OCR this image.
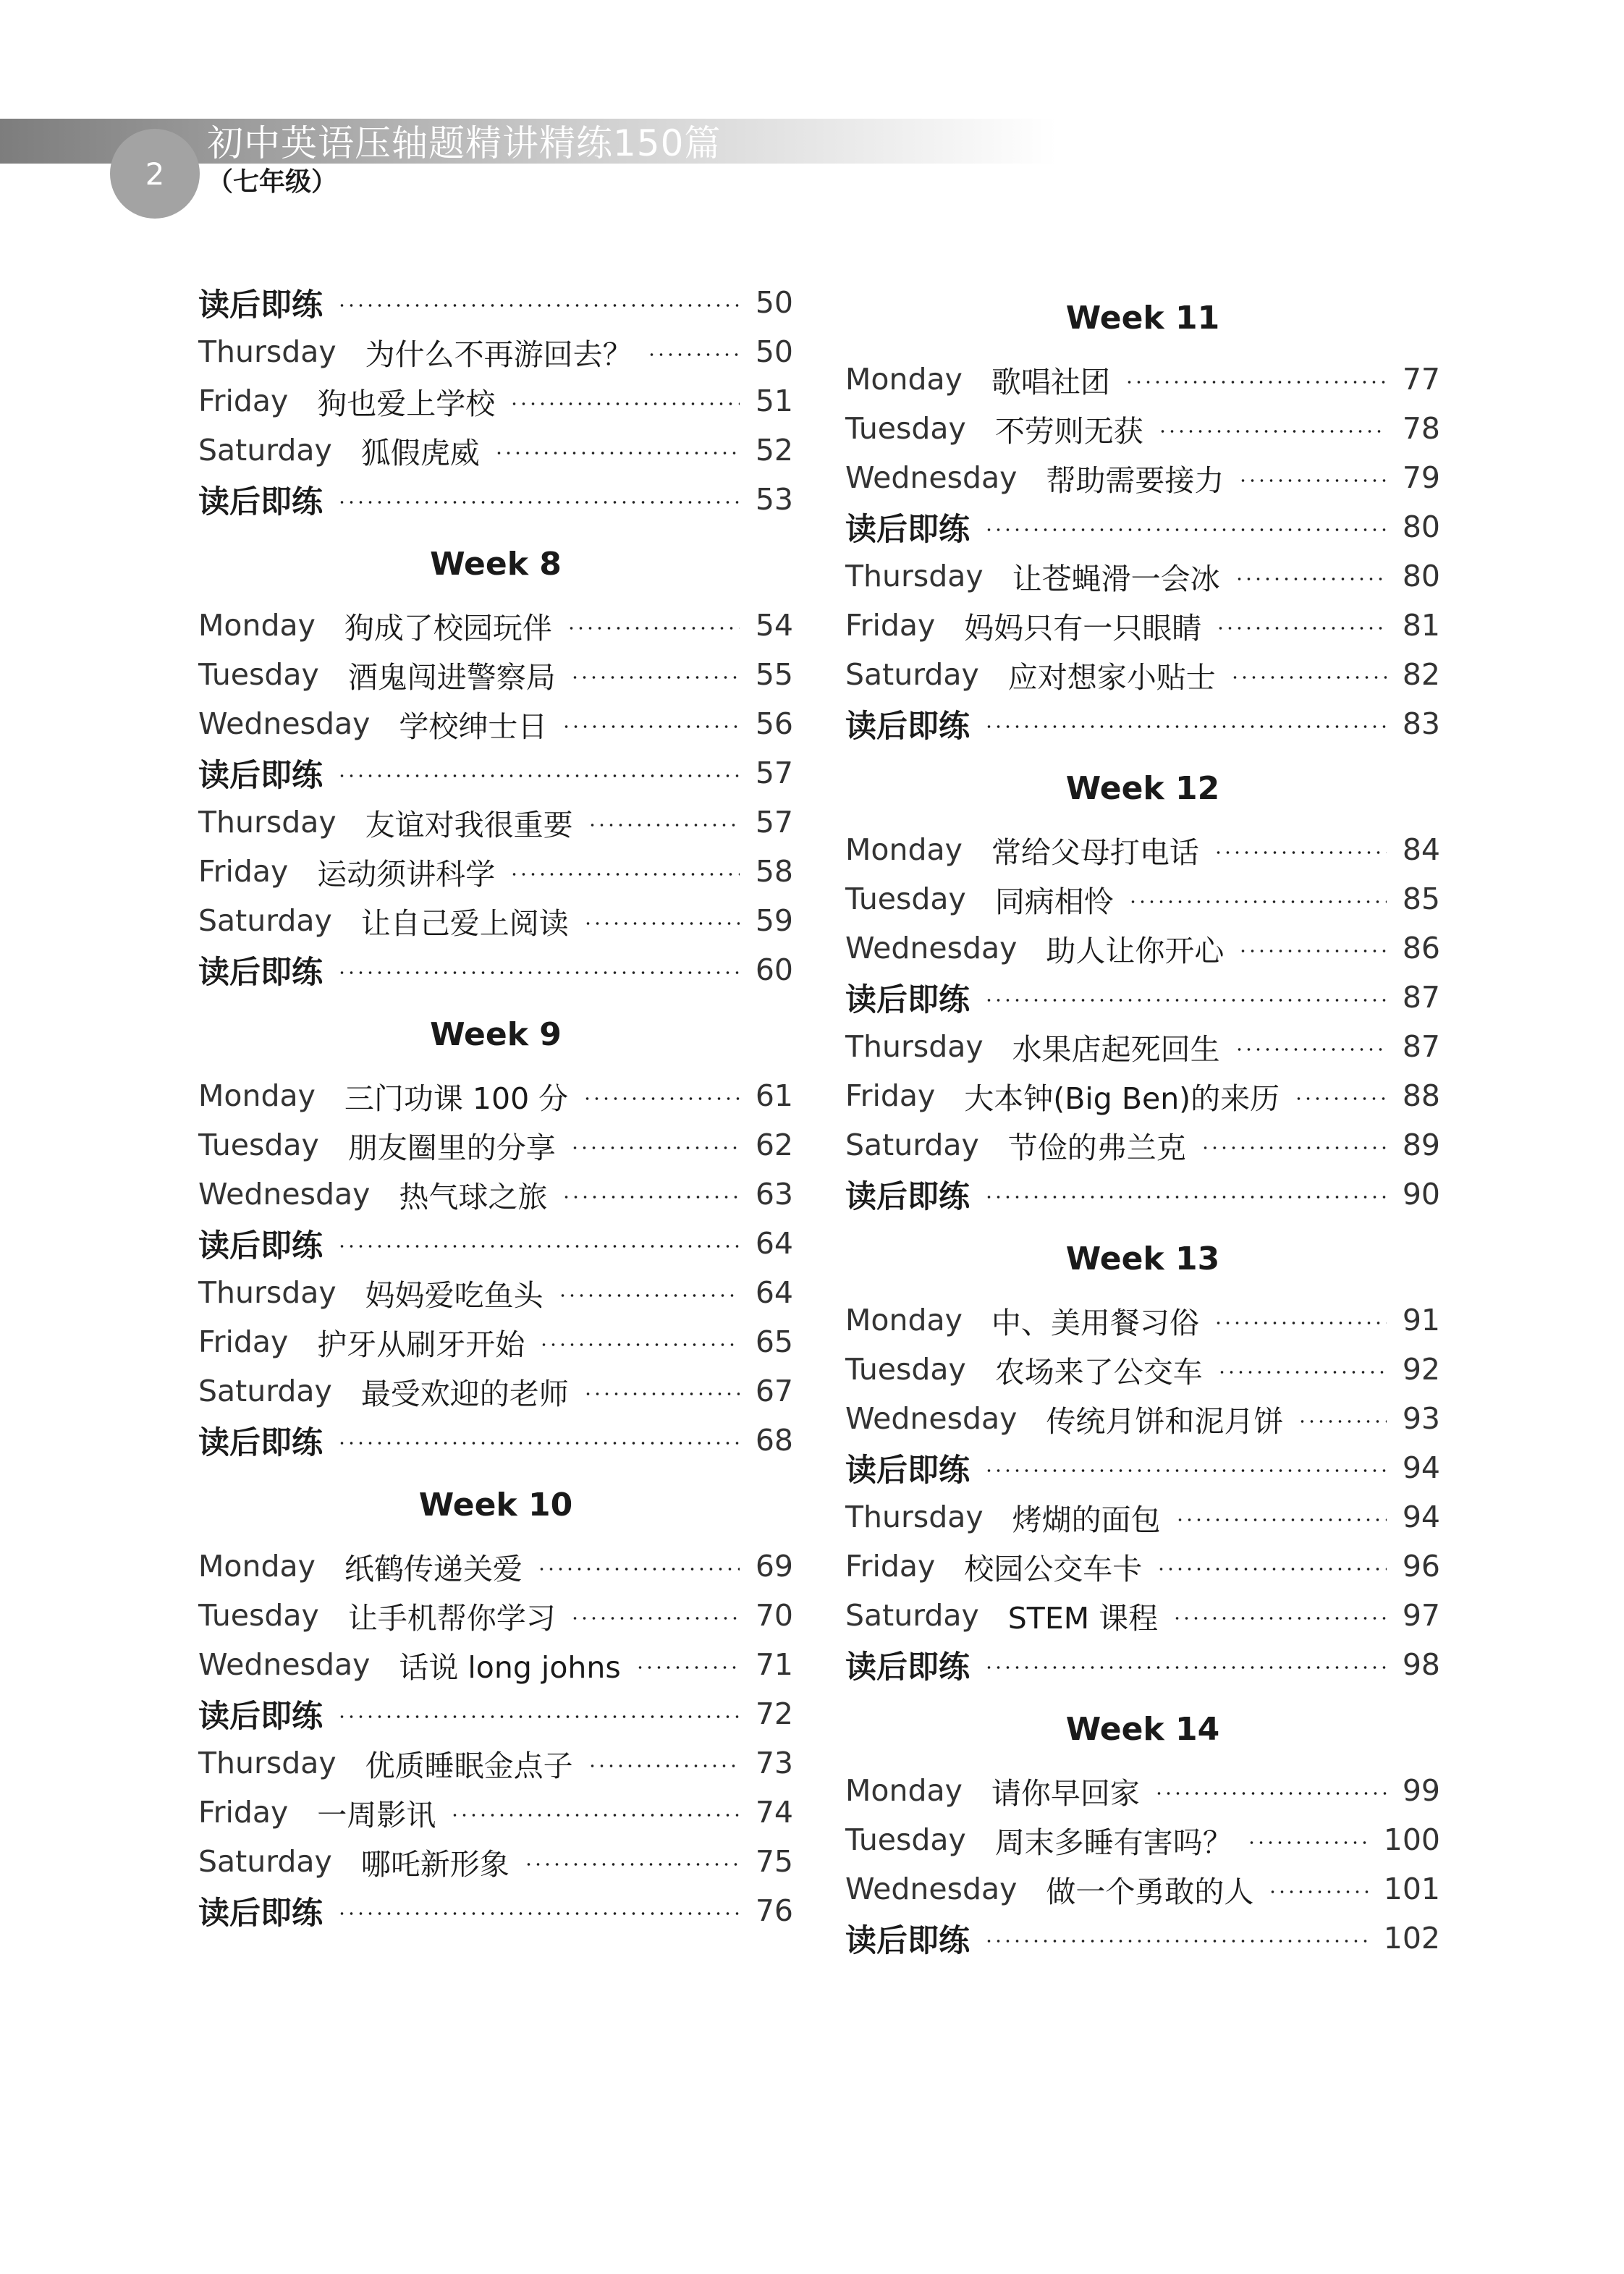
2
初中英语压轴题精讲精练150篇
（七年级）
读后即练	50
Thursday 为什么不再游回去？	50
Friday 狗也爱上学校	51
Saturday 狐假虎威	52
读后即练	53
Week 8
Monday 狗成了校园玩伴	54
Tuesday 酒鬼闯进警察局	55
Wednesday 学校绅士日	56
读后即练	57
Thursday 友谊对我很重要	57
Friday 运动须讲科学	58
Saturday 让自己爱上阅读	59
读后即练	60
Week 9
Monday 三门功课 100 分	61
Tuesday 朋友圈里的分享	62
Wednesday 热气球之旅	63
读后即练	64
Thursday 妈妈爱吃鱼头	64
Friday 护牙从刷牙开始	65
Saturday 最受欢迎的老师	67
读后即练	68
Week 10
Monday 纸鹤传递关爱	69
Tuesday 让手机帮你学习	70
Wednesday 话说 long johns	71
读后即练	72
Thursday 优质睡眠金点子	73
Friday 一周影讯	74
Saturday 哪吒新形象	75
读后即练	76
Week 11
Monday 歌唱社团	77
Tuesday 不劳则无获	78
Wednesday 帮助需要接力	79
读后即练	80
Thursday 让苍蝇滑一会冰	80
Friday 妈妈只有一只眼睛	81
Saturday 应对想家小贴士	82
读后即练	83
Week 12
Monday 常给父母打电话	84
Tuesday 同病相怜	85
Wednesday 助人让你开心	86
读后即练	87
Thursday 水果店起死回生	87
Friday 大本钟(Big Ben)的来历	88
Saturday 节俭的弗兰克	89
读后即练	90
Week 13
Monday 中、美用餐习俗	91
Tuesday 农场来了公交车	92
Wednesday 传统月饼和泥月饼	93
读后即练	94
Thursday 烤煳的面包	94
Friday 校园公交车卡	96
Saturday STEM 课程	97
读后即练	98
Week 14
Monday 请你早回家	99
Tuesday 周末多睡有害吗？	100
Wednesday 做一个勇敢的人	101
读后即练	102
